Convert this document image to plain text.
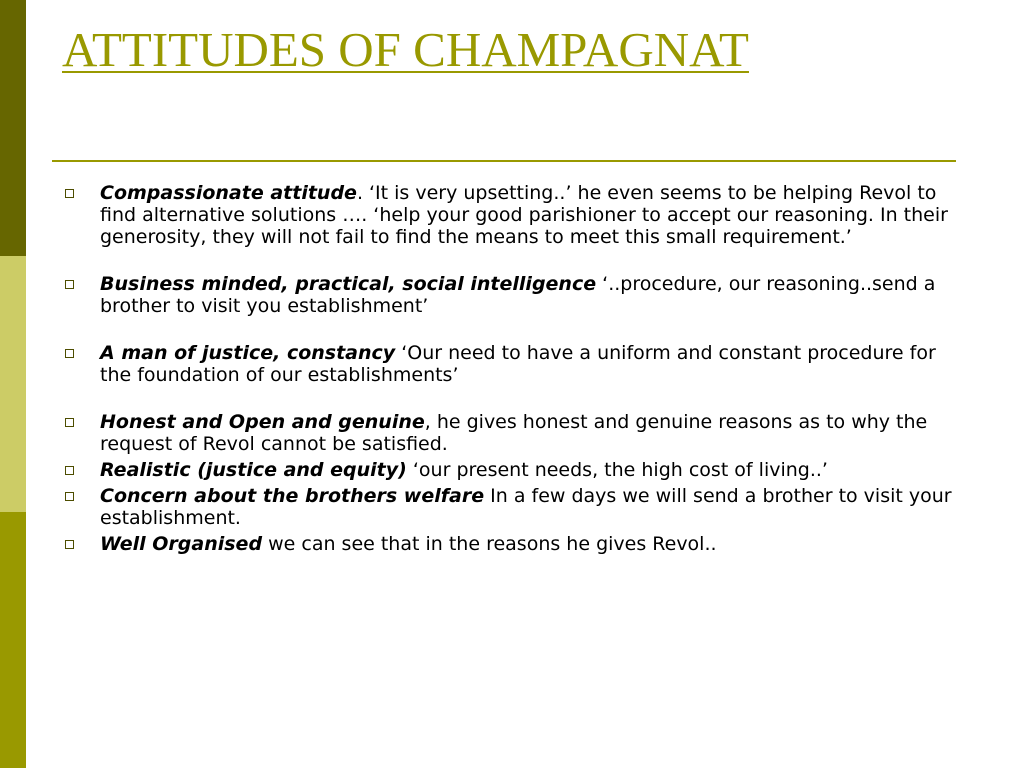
ATTITUDES OF CHAMPAGNAT
Compassionate attitude. ‘It is very upsetting..’ he even seems to be helping Revol to find alternative solutions …. ‘help your good parishioner to accept our reasoning. In their generosity, they will not fail to find the means to meet this small requirement.’
Business minded, practical, social intelligence ‘..procedure, our reasoning..send a brother to visit you establishment’
A man of justice, constancy ‘Our need to have a uniform and constant procedure for the foundation of our establishments’
Honest and Open and genuine, he gives honest and genuine reasons as to why the request of Revol cannot be satisfied.
Realistic (justice and equity) ‘our present needs, the high cost of living..’
Concern about the brothers welfare In a few days we will send a brother to visit your establishment.
Well Organised we can see that in the reasons he gives Revol..
